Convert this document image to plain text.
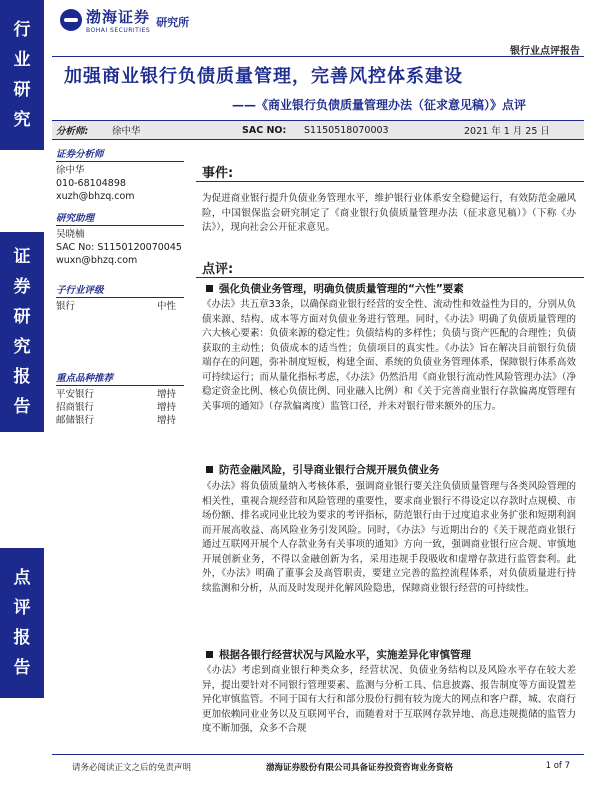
行
业
研
究
证
券
研
究
报
告
点
评
报
告
渤海证券
BOHAI SECURITIES
研究所
银行业点评报告
加强商业银行负债质量管理，完善风控体系建设
——《商业银行负债质量管理办法（征求意见稿）》点评
分析师:	徐中华	SAC NO:	S1150518070003	2021 年 1 月 25 日
证券分析师
徐中华
010-68104898
xuzh@bhzq.com
研究助理
吴晓楠
SAC No: S1150120070045
wuxn@bhzq.com
子行业评级
银行	中性
重点品种推荐
平安银行	增持
招商银行	增持
邮储银行	增持
事件:
为促进商业银行提升负债业务管理水平，维护银行业体系安全稳健运行，有效防范金融风险，中国银保监会研究制定了《商业银行负债质量管理办法（征求意见稿）》（下称《办法》），现向社会公开征求意见。
点评:
强化负债业务管理，明确负债质量管理的“六性”要素
《办法》共五章33条，以确保商业银行经营的安全性、流动性和效益性为目的，分别从负债来源、结构、成本等方面对负债业务进行管理。同时，《办法》明确了负债质量管理的六大核心要素：负债来源的稳定性；负债结构的多样性；负债与资产匹配的合理性；负债获取的主动性；负债成本的适当性；负债项目的真实性。《办法》旨在解决目前银行负债端存在的问题，弥补制度短板，构建全面、系统的负债业务管理体系，保障银行体系高效可持续运行；而从量化指标考虑，《办法》仍然沿用《商业银行流动性风险管理办法》（净稳定资金比例、核心负债比例、同业融入比例）和《关于完善商业银行存款偏离度管理有关事项的通知》（存款偏离度）监管口径，并未对银行带来额外的压力。
防范金融风险，引导商业银行合规开展负债业务
《办法》将负债质量纳入考核体系，强调商业银行要关注负债质量管理与各类风险管理的相关性，重视合规经营和风险管理的重要性，要求商业银行不得设定以存款时点规模、市场份额、排名或同业比较为要求的考评指标，防范银行由于过度追求业务扩张和短期利润而开展高收益、高风险业务引发风险。同时，《办法》与近期出台的《关于规范商业银行通过互联网开展个人存款业务有关事项的通知》方向一致，强调商业银行应合规、审慎地开展创新业务，不得以金融创新为名，采用违规手段吸收和虚增存款进行监管套利。此外，《办法》明确了董事会及高管职责，要建立完善的监控流程体系，对负债质量进行持续监测和分析，从而及时发现并化解风险隐患，保障商业银行经营的可持续性。
根据各银行经营状况与风险水平，实施差异化审慎管理
《办法》考虑到商业银行种类众多，经营状况、负债业务结构以及风险水平存在较大差异，提出要针对不同银行管理要素、监测与分析工具、信息披露、报告制度等方面设置差异化审慎监管。不同于国有大行和部分股份行拥有较为庞大的网点和客户群，城、农商行更加依赖同业业务以及互联网平台，而随着对于互联网存款异地、高息违规揽储的监管力度不断加强，众多不合规
请务必阅读正文之后的免责声明	渤海证券股份有限公司具备证券投资咨询业务资格	1 of 7
